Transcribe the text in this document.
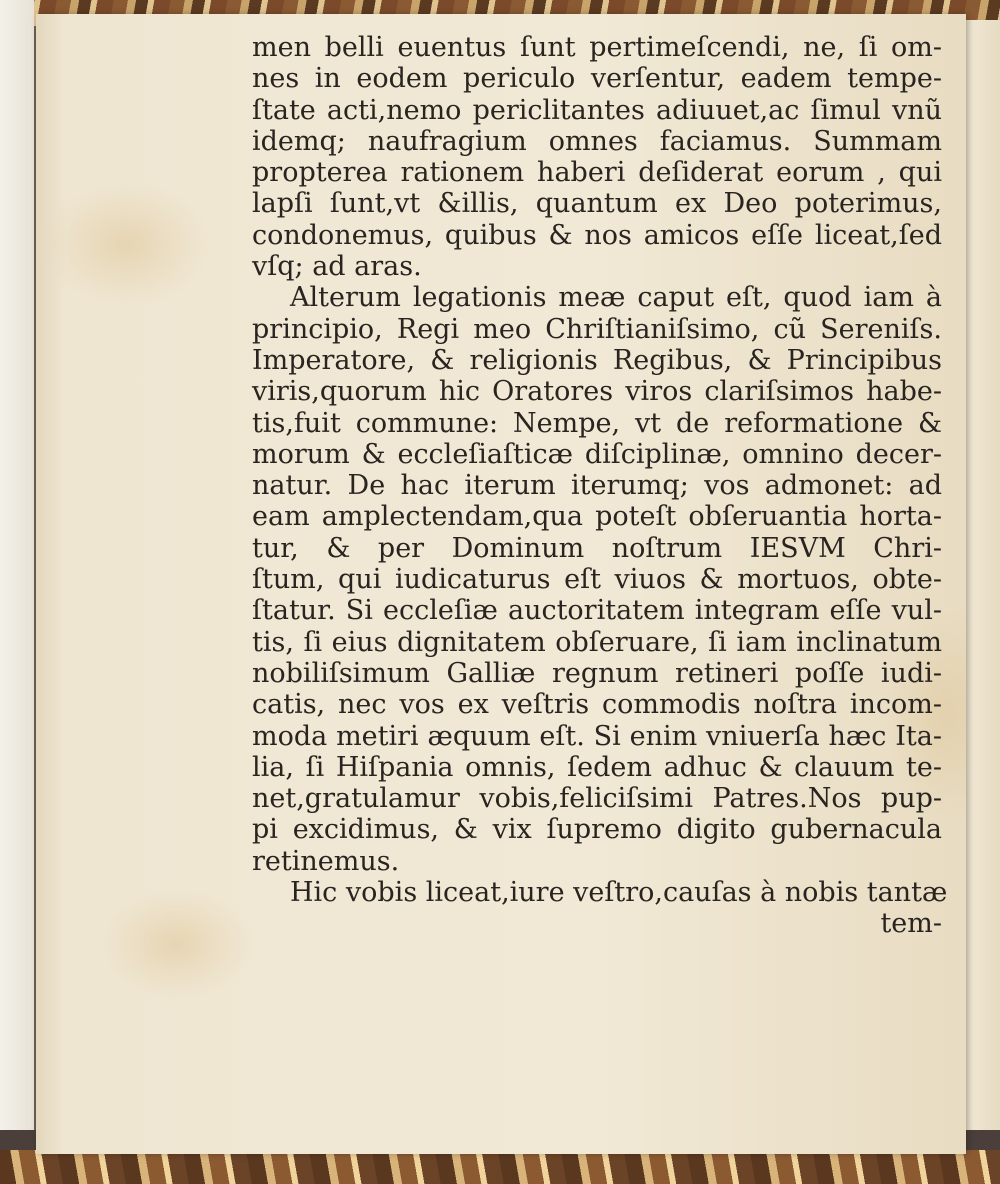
men belli euentus ſunt pertimeſcendi, ne, ſi om-
nes in eodem periculo verſentur, eadem tempe-
ſtate acti,nemo periclitantes adiuuet,ac ſimul vnũ
idemq; naufragium omnes faciamus. Summam
propterea rationem haberi deſiderat eorum , qui
lapſi ſunt,vt &illis, quantum ex Deo poterimus,
condonemus, quibus & nos amicos eſſe liceat,ſed
vſq; ad aras.
Alterum legationis meæ caput eſt, quod iam à
principio, Regi meo Chriſtianiſsimo, cũ Sereniſs.
Imperatore, & religionis Regibus, & Principibus
viris,quorum hic Oratores viros clariſsimos habe-
tis,fuit commune: Nempe, vt de reformatione &
morum & eccleſiaſticæ diſciplinæ, omnino decer-
natur. De hac iterum iterumq; vos admonet: ad
eam amplectendam,qua poteſt obſeruantia horta-
tur, & per Dominum noſtrum IESVM Chri-
ſtum, qui iudicaturus eſt viuos & mortuos, obte-
ſtatur. Si eccleſiæ auctoritatem integram eſſe vul-
tis, ſi eius dignitatem obſeruare, ſi iam inclinatum
nobiliſsimum Galliæ regnum retineri poſſe iudi-
catis, nec vos ex veſtris commodis noſtra incom-
moda metiri æquum eſt. Si enim vniuerſa hæc Ita-
lia, ſi Hiſpania omnis, ſedem adhuc & clauum te-
net,gratulamur vobis,feliciſsimi Patres.Nos pup-
pi excidimus, & vix ſupremo digito gubernacula
retinemus.
Hic vobis liceat,iure veſtro,cauſas à nobis tantæ
tem-
